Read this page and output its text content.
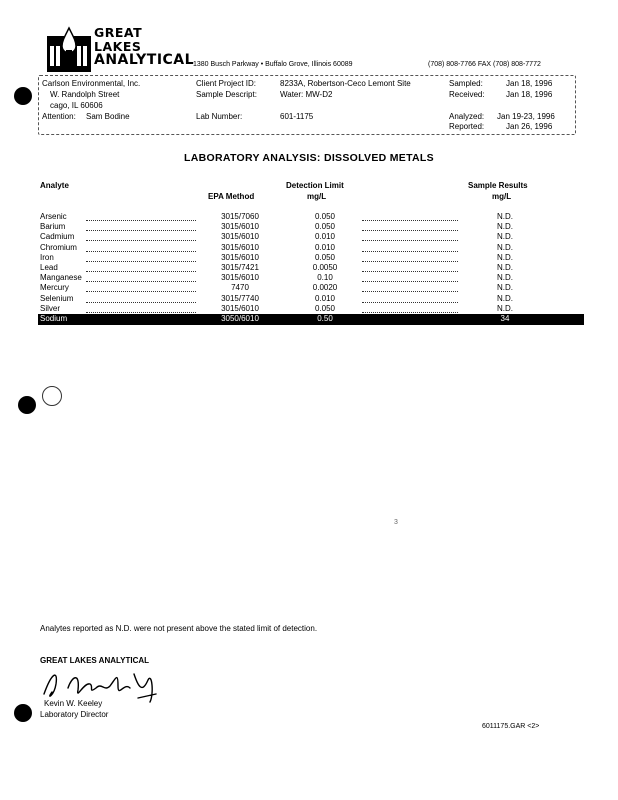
GREAT
LAKES
ANALYTICAL
1380 Busch Parkway • Buffalo Grove, Illinois 60089	(708) 808-7766 FAX (708) 808-7772
Carlson Environmental, Inc.
W. Randolph Street
cago, IL 60606
Attention: Sam Bodine
Client Project ID:	8233A, Robertson-Ceco Lemont Site
Sample Descript:	Water: MW-D2
Lab Number:	601-1175
Sampled:	Jan 18, 1996
Received:	Jan 18, 1996
Analyzed: Jan 19-23, 1996
Reported:	Jan 26, 1996
LABORATORY ANALYSIS: DISSOLVED METALS
Analyte
EPA Method
Detection Limit
mg/L
Sample Results
mg/L
Arsenic	3015/7060	0.050	N.D.
Barium	3015/6010	0.050	N.D.
Cadmium	3015/6010	0.010	N.D.
Chromium	3015/6010	0.010	N.D.
Iron	3015/6010	0.050	N.D.
Lead	3015/7421	0.0050	N.D.
Manganese	3015/6010	0.10	N.D.
Mercury	7470	0.0020	N.D.
Selenium	3015/7740	0.010	N.D.
Silver	3015/6010	0.050	N.D.
Sodium	3050/6010	0.50	34
Analytes reported as N.D. were not present above the stated limit of detection.
GREAT LAKES ANALYTICAL
Kevin W. Keeley
Laboratory Director
6011175.GAR <2>
3
